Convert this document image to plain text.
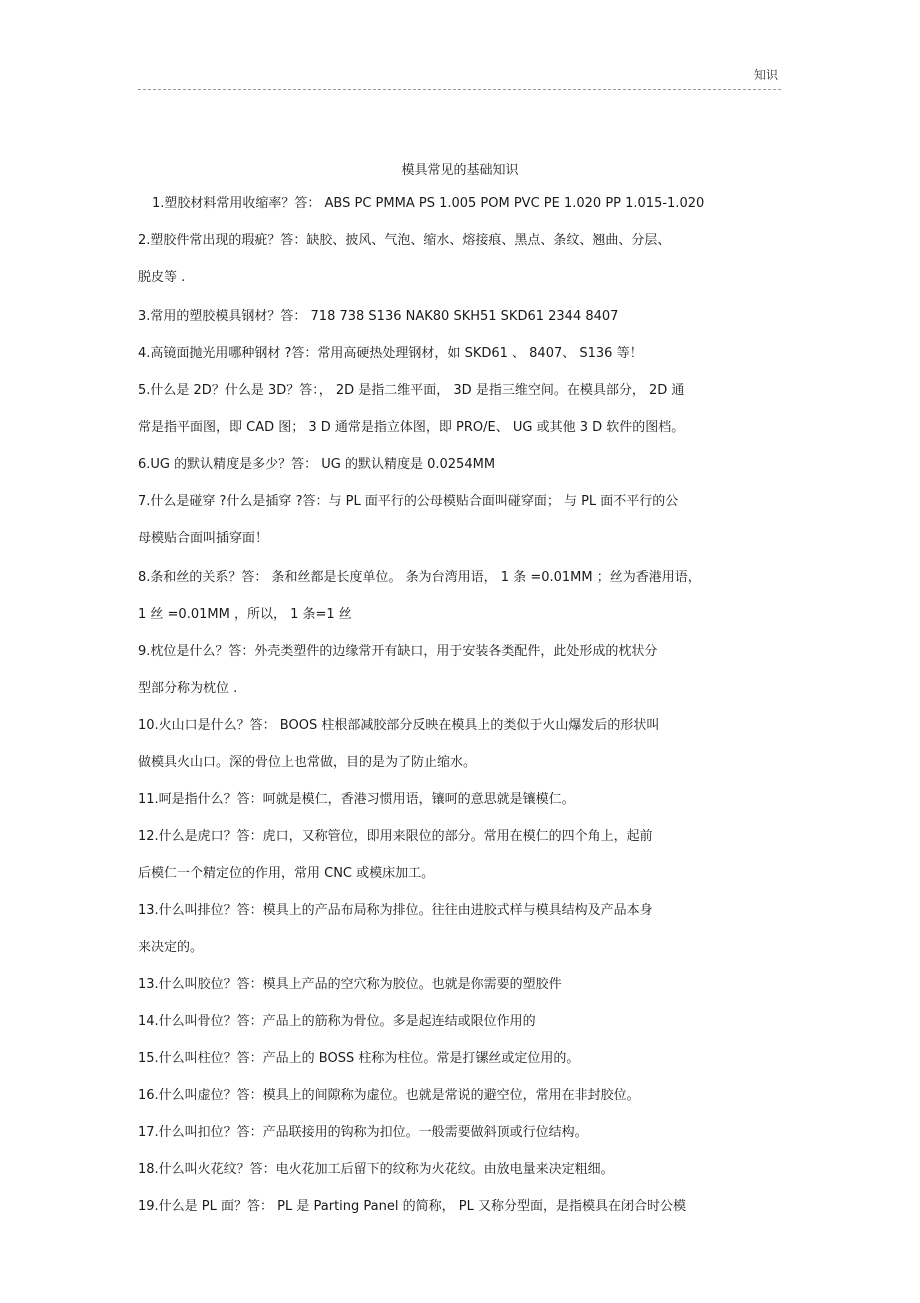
知识
模具常见的基础知识
1.塑胶材料常用收缩率？答： ABS PC PMMA PS 1.005 POM PVC PE 1.020 PP 1.015-1.020
2.塑胶件常出现的瑕疵？答：缺胶、披风、气泡、缩水、熔接痕、黑点、条纹、翘曲、分层、
脱皮等 .
3.常用的塑胶模具钢材？答： 718 738 S136 NAK80 SKH51 SKD61 2344 8407
4.高镜面抛光用哪种钢材 ?答：常用高硬热处理钢材，如 SKD61 、 8407、 S136 等！
5.什么是 2D？什么是 3D？答：， 2D 是指二维平面， 3D 是指三维空间。在模具部分， 2D 通
常是指平面图，即 CAD 图； 3 D 通常是指立体图，即 PRO/E、 UG 或其他 3 D 软件的图档。
6.UG 的默认精度是多少？答： UG 的默认精度是 0.0254MM
7.什么是碰穿 ?什么是插穿 ?答：与 PL 面平行的公母模贴合面叫碰穿面； 与 PL 面不平行的公
母模贴合面叫插穿面！
8.条和丝的关系？答： 条和丝都是长度单位。 条为台湾用语， 1 条 =0.01MM ；丝为香港用语，
1 丝 =0.01MM ，所以， 1 条=1 丝
9.枕位是什么？答：外壳类塑件的边缘常开有缺口，用于安装各类配件，此处形成的枕状分
型部分称为枕位 .
10.火山口是什么？答： BOOS 柱根部减胶部分反映在模具上的类似于火山爆发后的形状叫
做模具火山口。深的骨位上也常做，目的是为了防止缩水。
11.呵是指什么？答：呵就是模仁，香港习惯用语，镶呵的意思就是镶模仁。
12.什么是虎口？答：虎口，又称管位，即用来限位的部分。常用在模仁的四个角上，起前
后模仁一个精定位的作用，常用 CNC 或模床加工。
13.什么叫排位？答：模具上的产品布局称为排位。往往由进胶式样与模具结构及产品本身
来决定的。
13.什么叫胶位？答：模具上产品的空穴称为胶位。也就是你需要的塑胶件
14.什么叫骨位？答：产品上的筋称为骨位。多是起连结或限位作用的
15.什么叫柱位？答：产品上的 BOSS 柱称为柱位。常是打镙丝或定位用的。
16.什么叫虚位？答：模具上的间隙称为虚位。也就是常说的避空位，常用在非封胶位。
17.什么叫扣位？答：产品联接用的钩称为扣位。一般需要做斜顶或行位结构。
18.什么叫火花纹？答：电火花加工后留下的纹称为火花纹。由放电量来决定粗细。
19.什么是 PL 面？答： PL 是 Parting Panel 的简称， PL 又称分型面，是指模具在闭合时公模
